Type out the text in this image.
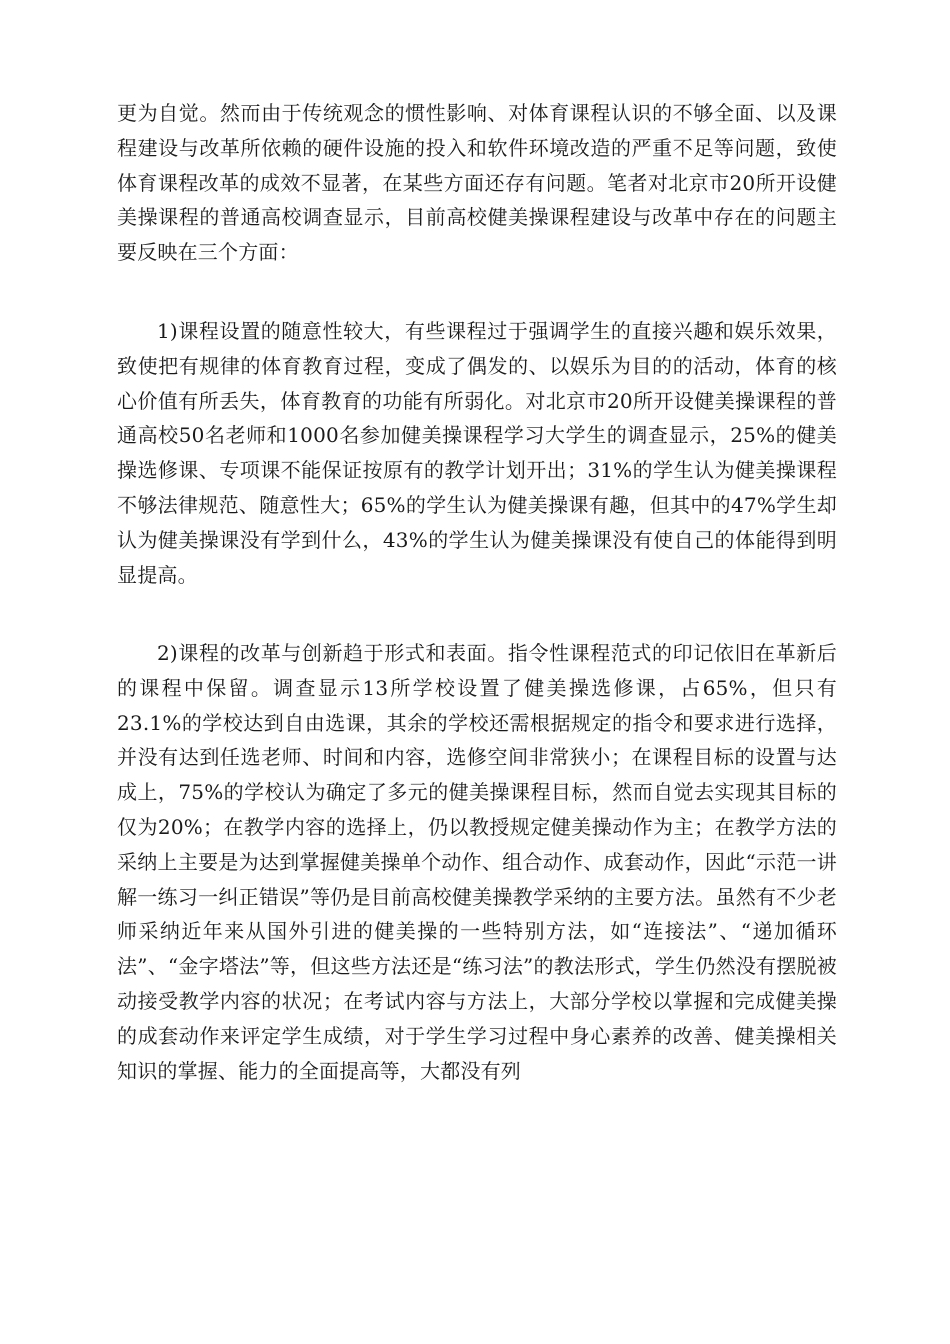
更为自觉。然而由于传统观念的惯性影响、对体育课程认识的不够全面、以及课程建设与改革所依赖的硬件设施的投入和软件环境改造的严重不足等问题，致使体育课程改革的成效不显著，在某些方面还存有问题。笔者对北京市20所开设健美操课程的普通高校调查显示，目前高校健美操课程建设与改革中存在的问题主要反映在三个方面：

1)课程设置的随意性较大，有些课程过于强调学生的直接兴趣和娱乐效果，致使把有规律的体育教育过程，变成了偶发的、以娱乐为目的的活动，体育的核心价值有所丢失，体育教育的功能有所弱化。对北京市20所开设健美操课程的普通高校50名老师和1000名参加健美操课程学习大学生的调查显示，25%的健美操选修课、专项课不能保证按原有的教学计划开出；31%的学生认为健美操课程不够法律规范、随意性大；65%的学生认为健美操课有趣，但其中的47%学生却认为健美操课没有学到什么，43%的学生认为健美操课没有使自己的体能得到明显提高。

2)课程的改革与创新趋于形式和表面。指令性课程范式的印记依旧在革新后的课程中保留。调查显示13所学校设置了健美操选修课，占65%，但只有23.1%的学校达到自由选课，其余的学校还需根据规定的指令和要求进行选择，并没有达到任选老师、时间和内容，选修空间非常狭小；在课程目标的设置与达成上，75%的学校认为确定了多元的健美操课程目标，然而自觉去实现其目标的仅为20%；在教学内容的选择上，仍以教授规定健美操动作为主；在教学方法的采纳上主要是为达到掌握健美操单个动作、组合动作、成套动作，因此“示范一讲解一练习一纠正错误”等仍是目前高校健美操教学采纳的主要方法。虽然有不少老师采纳近年来从国外引进的健美操的一些特别方法，如“连接法”、“递加循环法”、“金字塔法”等，但这些方法还是“练习法”的教法形式，学生仍然没有摆脱被动接受教学内容的状况；在考试内容与方法上，大部分学校以掌握和完成健美操的成套动作来评定学生成绩，对于学生学习过程中身心素养的改善、健美操相关知识的掌握、能力的全面提高等，大都没有列
